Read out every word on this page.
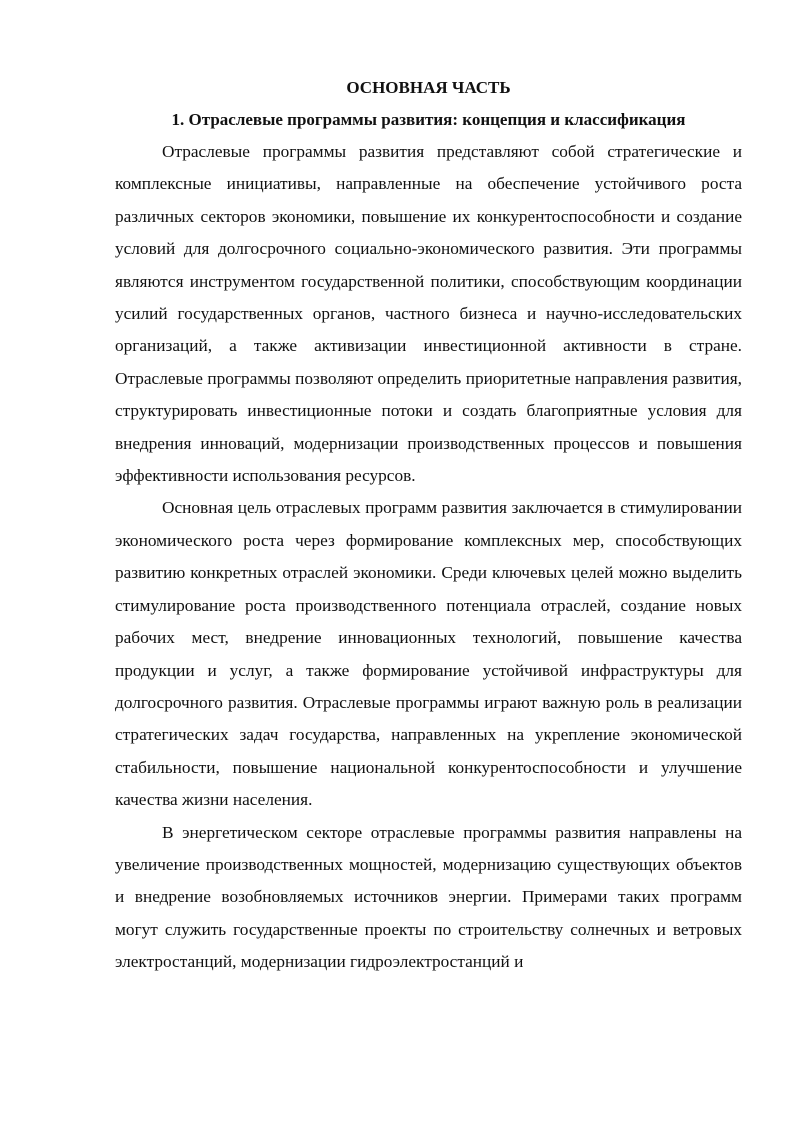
ОСНОВНАЯ ЧАСТЬ
1. Отраслевые программы развития: концепция и классификация

Отраслевые программы развития представляют собой стратегические и комплексные инициативы, направленные на обеспечение устойчивого роста различных секторов экономики, повышение их конкурентоспособности и создание условий для долгосрочного социально-экономического развития. Эти программы являются инструментом государственной политики, способствующим координации усилий государственных органов, частного бизнеса и научно-исследовательских организаций, а также активизации инвестиционной активности в стране. Отраслевые программы позволяют определить приоритетные направления развития, структурировать инвестиционные потоки и создать благоприятные условия для внедрения инноваций, модернизации производственных процессов и повышения эффективности использования ресурсов.

Основная цель отраслевых программ развития заключается в стимулировании экономического роста через формирование комплексных мер, способствующих развитию конкретных отраслей экономики. Среди ключевых целей можно выделить стимулирование роста производственного потенциала отраслей, создание новых рабочих мест, внедрение инновационных технологий, повышение качества продукции и услуг, а также формирование устойчивой инфраструктуры для долгосрочного развития. Отраслевые программы играют важную роль в реализации стратегических задач государства, направленных на укрепление экономической стабильности, повышение национальной конкурентоспособности и улучшение качества жизни населения.

В энергетическом секторе отраслевые программы развития направлены на увеличение производственных мощностей, модернизацию существующих объектов и внедрение возобновляемых источников энергии. Примерами таких программ могут служить государственные проекты по строительству солнечных и ветровых электростанций, модернизации гидроэлектростанций и
